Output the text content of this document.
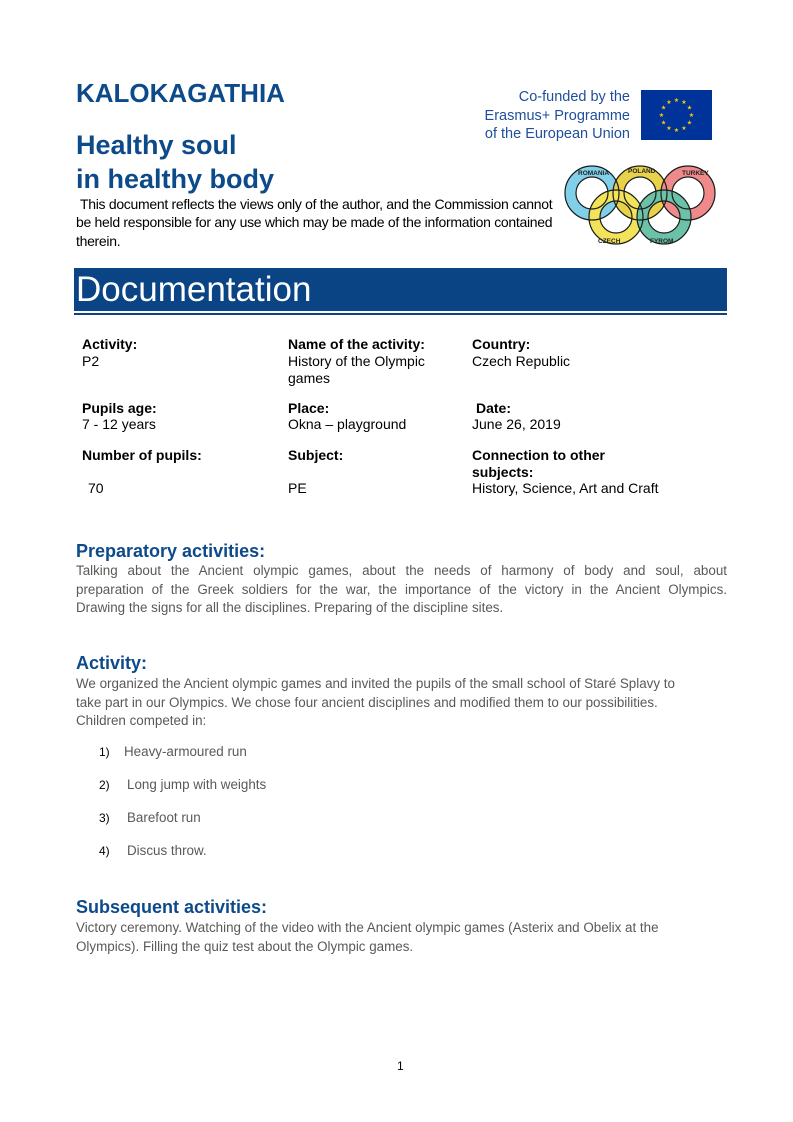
KALOKAGATHIA
Healthy soul
in healthy body
This document reflects the views only of the author, and the Commission cannot
be held responsible for any use which may be made of the information contained
therein.
Co-funded by the
Erasmus+ Programme
of the European Union
★ ★
★
★
★
★
★
★
★
★
★
★
ROMANIA	TURKEY
POLAND
CZECH	FYROM
Documentation
Activity:
P2
Name of the activity:
History of the Olympic
games
Country:
Czech Republic
Pupils age:
7 - 12 years
Place:
Okna – playground
Date:
June 26, 2019
Number of pupils:
70
Subject:
PE
Connection to other
subjects:
History, Science, Art and Craft
Preparatory activities:
Talking about the Ancient olympic games, about the needs of harmony of body and soul, about
preparation of the Greek soldiers for the war, the importance of the victory in the Ancient Olympics.
Drawing the signs for all the disciplines. Preparing of the discipline sites.
Activity:
We organized the Ancient olympic games and invited the pupils of the small school of Staré Splavy to
take part in our Olympics. We chose four ancient disciplines and modified them to our possibilities.
Children competed in:
1) Heavy-armoured run
2) Long jump with weights
3) Barefoot run
4) Discus throw.
Subsequent activities:
Victory ceremony. Watching of the video with the Ancient olympic games (Asterix and Obelix at the
Olympics). Filling the quiz test about the Olympic games.
1
